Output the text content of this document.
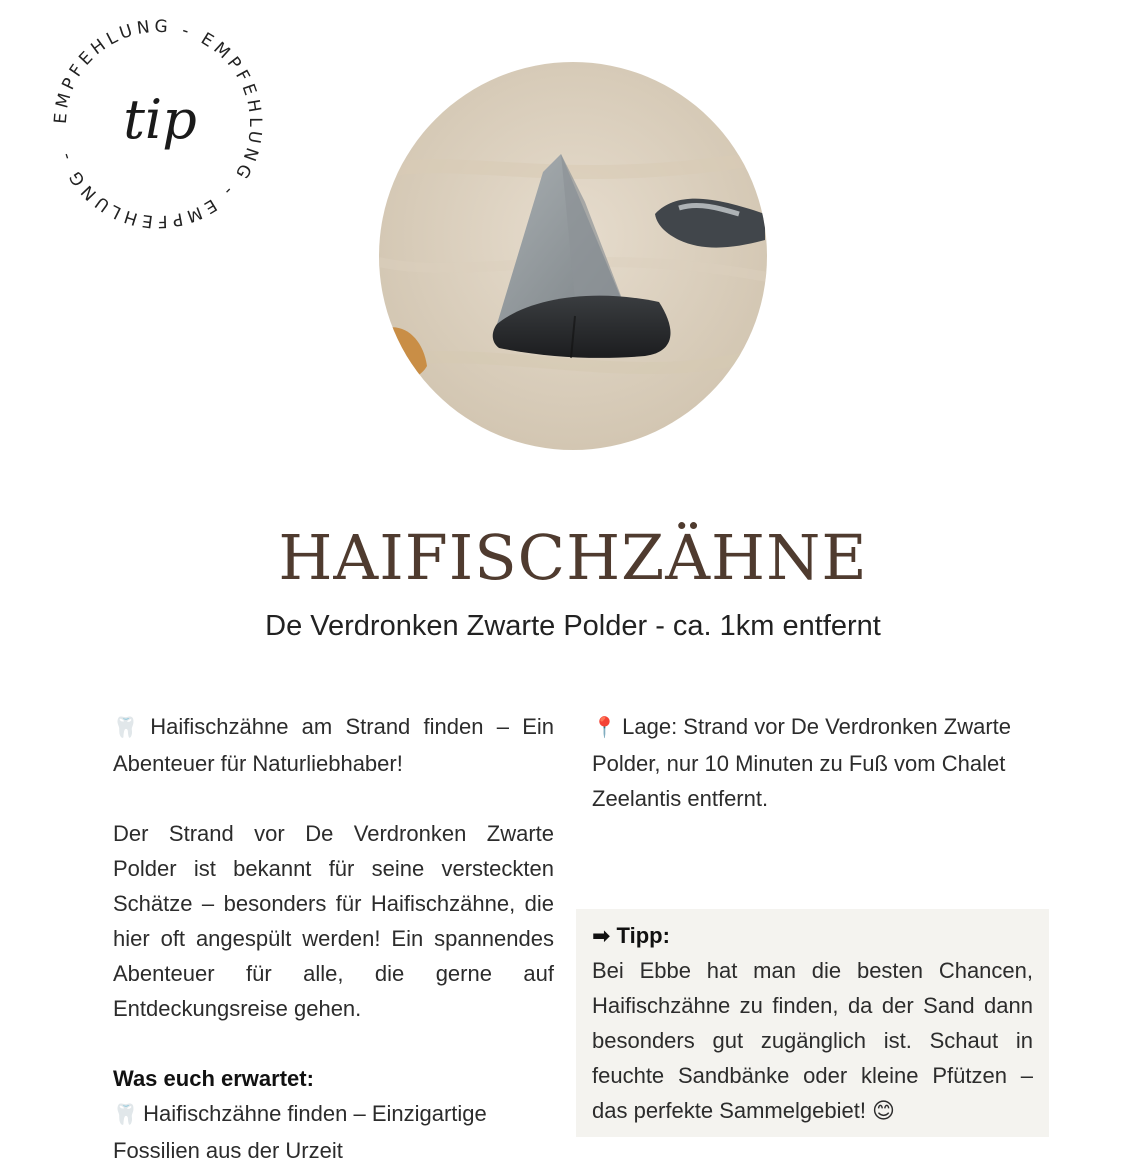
EMPFEHLUNG - EMPFEHLUNG - EMPFEHLUNG -
tip
HAIFISCHZÄHNE
De Verdronken Zwarte Polder - ca. 1km entfernt

🦷 Haifischzähne am Strand finden – Ein

Abenteuer für Naturliebhaber!

Der Strand vor De Verdronken Zwarte

Polder ist bekannt für seine versteckten

Schätze – besonders für Haifischzähne, die

hier oft angespült werden! Ein spannendes

Abenteuer für alle, die gerne auf

Entdeckungsreise gehen.

Was euch erwartet:

🦷 Haifischzähne finden – Einzigartige

Fossilien aus der Urzeit

📍 Lage: Strand vor De Verdronken Zwarte

Polder, nur 10 Minuten zu Fuß vom Chalet

Zeelantis entfernt.

➡ Tipp:

Bei Ebbe hat man die besten Chancen,

Haifischzähne zu finden, da der Sand dann

besonders gut zugänglich ist. Schaut in

feuchte Sandbänke oder kleine Pfützen –

das perfekte Sammelgebiet! 😊
